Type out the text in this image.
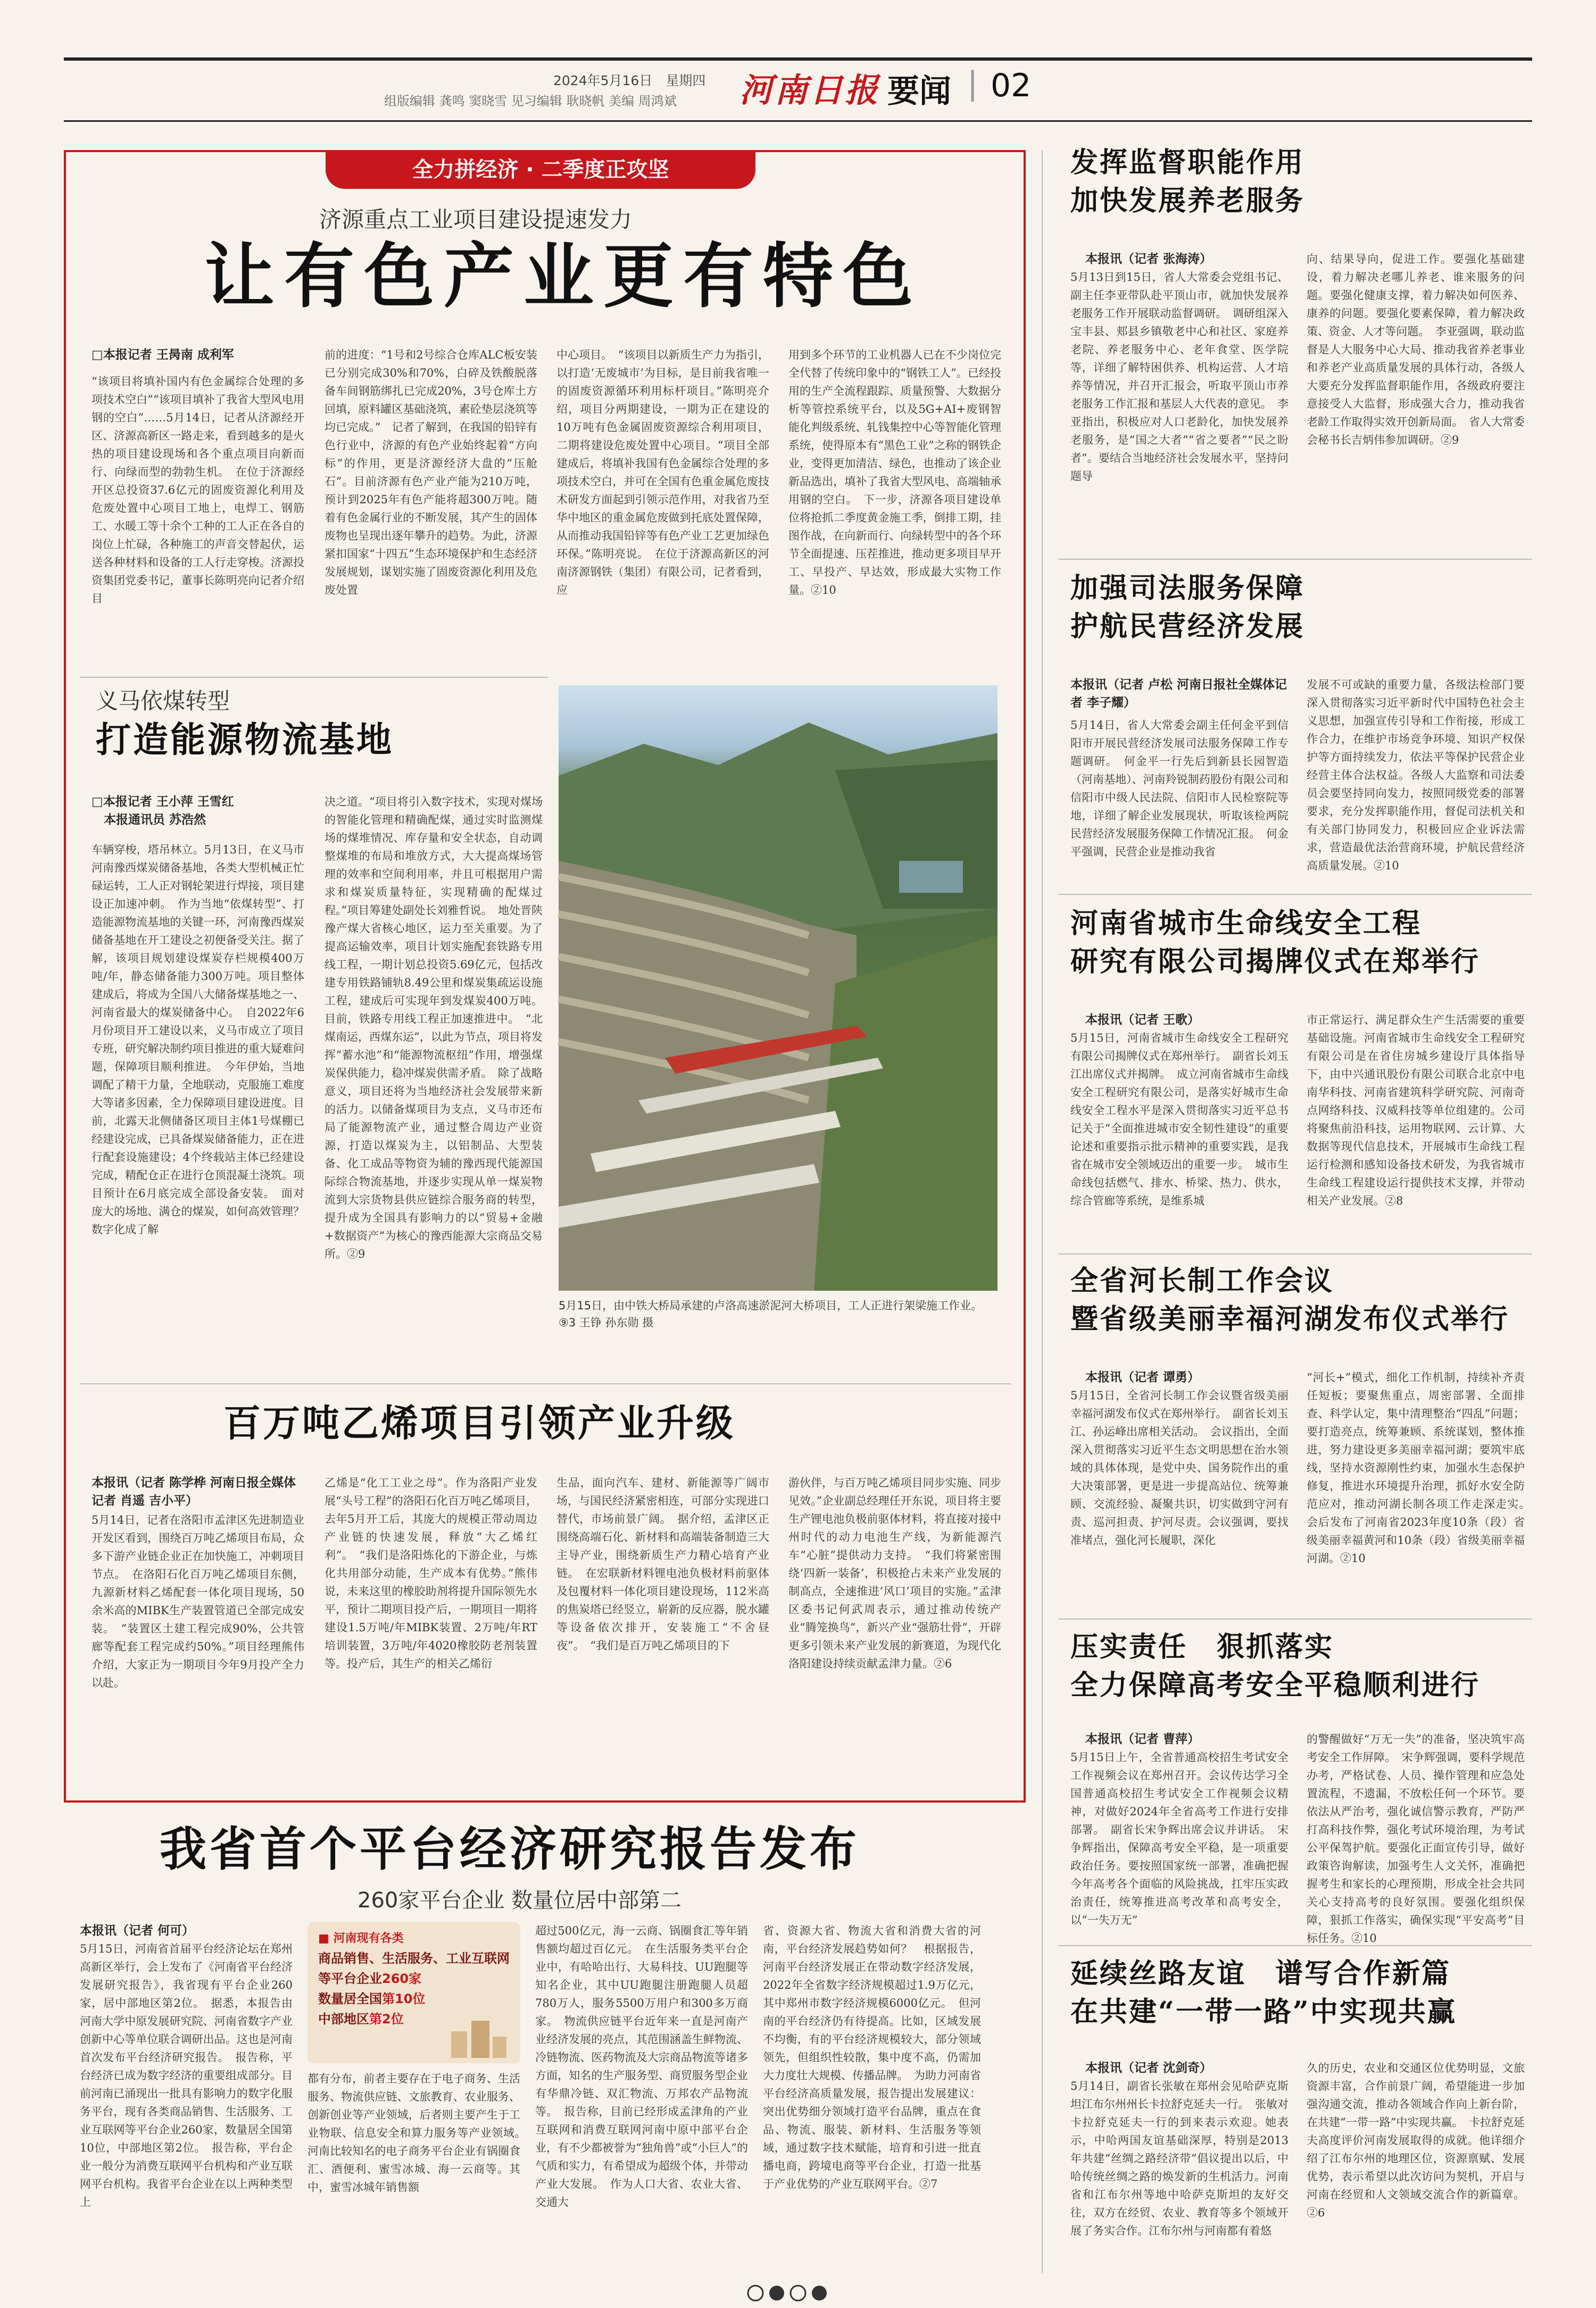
2024年5月16日　星期四
组版编辑 龚鸣 窦晓雪 见习编辑 耿晓帆 美编 周鸿斌 河南日报 要闻 | 02
全力拼经济 · 二季度正攻坚
济源重点工业项目建设提速发力
让有色产业更有特色
□本报记者 王昺南 成利军
“该项目将填补国内有色金属综合处理的多项技术空白”“该项目填补了我省大型风电用钢的空白”……5月14日，记者从济源经开区、济源高新区一路走来，看到越多的是火热的项目建设现场和各个重点项目向新而行、向绿而型的勃勃生机。　在位于济源经开区总投资37.6亿元的固废资源化利用及危废处置中心项目工地上，电焊工、钢筋工、水暖工等十余个工种的工人正在各自的岗位上忙碌，各种施工的声音交替起伏，运送各种材料和设备的工人行走穿梭。济源投资集团党委书记，董事长陈明亮向记者介绍目
前的进度：“1号和2号综合仓库ALC板安装已分别完成30%和70%，白碎及铁酸脱落备车间钢筋绑扎已完成20%，3号仓库土方回填，原料罐区基础浇筑，素砼垫层浇筑等均已完成。”　记者了解到，在我国的铅锌有色行业中，济源的有色产业始终起着“方向标”的作用，更是济源经济大盘的“压舱石”。目前济源有色产业产能为210万吨，预计到2025年有色产能将超300万吨。随着有色金属行业的不断发展，其产生的固体废物也呈现出逐年攀升的趋势。为此，济源紧扣国家“十四五”生态环境保护和生态经济发展规划，谋划实施了固废资源化利用及危废处置
中心项目。　“该项目以新质生产力为指引，以打造‘无废城市’为目标，是目前我省唯一的固废资源循环利用标杆项目。”陈明亮介绍，项目分两期建设，一期为正在建设的10万吨有色金属固废资源综合利用项目，二期将建设危废处置中心项目。“项目全部建成后，将填补我国有色金属综合处理的多项技术空白，并可在全国有色重金属危废技术研发方面起到引领示范作用，对我省乃至华中地区的重金属危废做到托底处置保障，从而推动我国铅锌等有色产业工艺更加绿色环保。”陈明亮说。　在位于济源高新区的河南济源钢铁（集团）有限公司，记者看到，应
用到多个环节的工业机器人已在不少岗位完全代替了传统印象中的“钢铁工人”。已经投用的生产全流程跟踪、质量预警、大数据分析等管控系统平台，以及5G+AI+废钢智能化判级系统、轧钱集控中心等智能化管理系统，使得原本有“黑色工业”之称的钢铁企业，变得更加清洁、绿色，也推动了该企业新品选出，填补了我省大型风电、高端轴承用钢的空白。　下一步，济源各项目建设单位将抢抓二季度黄金施工季，倒排工期，挂图作战，在向新而行、向绿转型中的各个环节全面提速、压茬推进，推动更多项目早开工、早投产、早达效，形成最大实物工作量。②10
义马依煤转型
打造能源物流基地
□本报记者 王小萍 王雪红
　本报通讯员 苏浩然
车辆穿梭，塔吊林立。5月13日，在义马市河南豫西煤炭储备基地，各类大型机械正忙碌运转，工人正对钢轮架进行焊接，项目建设正加速冲刺。　作为当地“依煤转型”、打造能源物流基地的关键一环，河南豫西煤炭储备基地在开工建设之初便备受关注。据了解，该项目规划建设煤炭存栏规模400万吨/年，静态储备能力300万吨。项目整体建成后，将成为全国八大储备煤基地之一、河南省最大的煤炭储备中心。　自2022年6月份项目开工建设以来，义马市成立了项目专班，研究解决制约项目推进的重大疑难问题，保障项目顺利推进。　今年伊始，当地调配了精干力量，全地联动，克服施工难度大等诸多因素，全力保障项目建设进度。目前，北露天北侧储备区项目主体1号煤棚已经建设完成，已具备煤炭储备能力，正在进行配套设施建设；4个终载站主体已经建设完成，精配仓正在进行仓顶混凝土浇筑。项目预计在6月底完成全部设备安装。　面对庞大的场地、满仓的煤炭，如何高效管理？数字化成了解
决之道。“项目将引入数字技术，实现对煤场的智能化管理和精确配煤，通过实时监测煤场的煤堆情况、库存量和安全状态，自动调整煤堆的布局和堆放方式，大大提高煤场管理的效率和空间利用率，并且可根据用户需求和煤炭质量特征，实现精确的配煤过程。”项目筹建处副处长刘雅哲说。　地处晋陕豫产煤大省核心地区，运力至关重要。为了提高运输效率，项目计划实施配套铁路专用线工程，一期计划总投资5.69亿元，包括改建专用铁路铺轨8.49公里和煤炭集疏运设施工程，建成后可实现年到发煤炭400万吨。目前，铁路专用线工程正加速推进中。　“北煤南运，西煤东运”，以此为节点，项目将发挥“蓄水池”和“能源物流枢纽”作用，增强煤炭保供能力，稳冲煤炭供需矛盾。　除了战略意义，项目还将为当地经济社会发展带来新的活力。以储备煤项目为支点，义马市还布局了能源物流产业，通过整合周边产业资源，打造以煤炭为主，以铝制品、大型装备、化工成品等物资为辅的豫西现代能源国际综合物流基地，并逐步实现从单一煤炭物流到大宗货物县供应链综合服务商的转型，提升成为全国具有影响力的以“贸易+金融+数据资产”为核心的豫西能源大宗商品交易所。②9
5月15日，由中铁大桥局承建的卢洛高速淤泥河大桥项目，工人正进行架梁施工作业。⑨3 王铮 孙东勋 摄
百万吨乙烯项目引领产业升级
本报讯（记者 陈学桦 河南日报全媒体记者 肖遥 吉小平）
5月14日，记者在洛阳市孟津区先进制造业开发区看到，围绕百万吨乙烯项目布局，众多下游产业链企业正在加快施工，冲刺项目节点。　在洛阳石化百万吨乙烯项目东侧，九源新材料乙烯配套一体化项目现场，50余米高的MIBK生产装置管道已全部完成安装。　“装置区土建工程完成90%，公共管廊等配套工程完成约50%。”项目经理熊伟介绍，大家正为一期项目今年9月投产全力以赴。
乙烯是“化工工业之母”。作为洛阳产业发展“头号工程”的洛阳石化百万吨乙烯项目，去年5月开工后，其庞大的规模正带动周边产业链的快速发展，释放“大乙烯红利”。　“我们是洛阳炼化的下游企业，与炼化共用部分动能，生产成本有优势。”熊伟说，未来这里的橡胶助剂将提升国际领先水平，预计二期项目投产后，一期项目一期将建设1.5万吨/年MIBK装置、2万吨/年RT培训装置，3万吨/年4020橡胶防老剂装置等。投产后，其生产的相关乙烯衍
生品，面向汽车、建材、新能源等广阔市场，与国民经济紧密相连，可部分实现进口替代，市场前景广阔。　据介绍，孟津区正围绕高端石化、新材料和高端装备制造三大主导产业，围绕新质生产力精心培育产业链。　在宏联新材料锂电池负极材料前驱体及包覆材料一体化项目建设现场，112米高的焦炭塔已经竖立，崭新的反应器，脱水罐等设备依次排开，安装施工“不舍昼夜”。　“我们是百万吨乙烯项目的下
游伙伴，与百万吨乙烯项目同步实施、同步见效。”企业副总经理任开东说，项目将主要生产锂电池负极前驱体材料，将直接对接中州时代的动力电池生产线，为新能源汽车“心脏”提供动力支持。　“我们将紧密围绕‘四新一装备’，积极抢占未来产业发展的制高点，全速推进‘风口’项目的实施。”孟津区委书记何武周表示，通过推动传统产业“腾笼换鸟”，新兴产业“强筋壮骨”，开辟更多引领未来产业发展的新赛道，为现代化洛阳建设持续贡献孟津力量。②6
我省首个平台经济研究报告发布
260家平台企业 数量位居中部第二
本报讯（记者 何可）
5月15日，河南省首届平台经济论坛在郑州高新区举行，会上发布了《河南省平台经济发展研究报告》，我省现有平台企业260家，居中部地区第2位。　据悉，本报告由河南大学中原发展研究院、河南省数字产业创新中心等单位联合调研出品。这也是河南首次发布平台经济研究报告。　报告称，平台经济已成为数字经济的重要组成部分。目前河南已涌现出一批具有影响力的数字化服务平台，现有各类商品销售、生活服务、工业互联网等平台企业260家，数量居全国第10位，中部地区第2位。　报告称，平台企业一般分为消费互联网平台机构和产业互联网平台机构。我省平台企业在以上两种类型上
■ 河南现有各类
商品销售、生活服务、工业互联网
等平台企业260家
数量居全国第10位
中部地区第2位
都有分布，前者主要存在于电子商务、生活服务、物流供应链、文旅教育、农业服务、创新创业等产业领域，后者则主要产生于工业物联、信息安全和算力服务等产业领域。　河南比较知名的电子商务平台企业有锅圈食汇、酒便利、蜜雪冰城、海一云商等。其中，蜜雪冰城年销售额
超过500亿元，海一云商、锅圈食汇等年销售额均超过百亿元。　在生活服务类平台企业中，有哈哈出行、大易科技、UU跑腿等知名企业，其中UU跑腿注册跑腿人员超780万人，服务5500万用户和300多万商家。　物流供应链平台近年来一直是河南产业经济发展的亮点，其范围涵盖生鲜物流、冷链物流、医药物流及大宗商品物流等诸多方面，知名的生产服务型、商贸服务型企业有华鼎冷链、双汇物流、万邦农产品物流等。　报告称，目前已经形成孟津角的产业互联网和消费互联网河南中原中部平台企业，有不少都被誉为“独角兽”或“小巨人”的气质和实力，有希望成为超级个体，并带动产业大发展。　作为人口大省、农业大省、交通大
省、资源大省、物流大省和消费大省的河南，平台经济发展趋势如何？　根据报告，河南平台经济发展正在带动数字经济发展，2022年全省数字经济规模超过1.9万亿元，其中郑州市数字经济规模6000亿元。　但河南的平台经济仍有待提高。比如，区域发展不均衡，有的平台经济规模较大，部分领域领先，但组织性较散，集中度不高，仍需加大力度壮大规模、传播品牌。　为助力河南省平台经济高质量发展，报告提出发展建议：突出优势细分领域打造平台品牌，重点在食品、物流、服装、新材料、生活服务等领域，通过数字技术赋能，培育和引进一批直播电商，跨境电商等平台企业，打造一批基于产业优势的产业互联网平台。②7
发挥监督职能作用
加快发展养老服务
本报讯（记者 张海涛）
5月13日到15日，省人大常委会党组书记、副主任李亚带队赴平顶山市，就加快发展养老服务工作开展联动监督调研。　调研组深入宝丰县、郏县乡镇敬老中心和社区、家庭养老院、养老服务中心、老年食堂、医学院等，详细了解特困供养、机构运营、人才培养等情况，并召开汇报会，听取平顶山市养老服务工作汇报和基层人大代表的意见。　李亚指出，积极应对人口老龄化，加快发展养老服务，是“国之大者”“省之要者”“民之盼者”。要结合当地经济社会发展水平，坚持问题导
向、结果导向，促进工作。要强化基础建设，着力解决老哪儿养老、谁来服务的问题。要强化健康支撑，着力解决如何医养、康养的问题。要强化要素保障，着力解决政策、资金、人才等问题。　李亚强调，联动监督是人大服务中心大局、推动我省养老事业和养老产业高质量发展的具体行动，各级人大要充分发挥监督职能作用，各级政府要注意接受人大监督，形成强大合力，推动我省老龄工作取得实效开创新局面。　省人大常委会秘书长吉炳伟参加调研。②9
加强司法服务保障
护航民营经济发展
本报讯（记者 卢松 河南日报社全媒体记者 李子耀）
5月14日，省人大常委会副主任何金平到信阳市开展民营经济发展司法服务保障工作专题调研。　何金平一行先后到新县长园智造（河南基地）、河南羚锐制药股份有限公司和信阳市中级人民法院、信阳市人民检察院等地，详细了解企业发展现状，听取该检两院民营经济发展服务保障工作情况汇报。　何金平强调，民营企业是推动我省
发展不可或缺的重要力量，各级法检部门要深入贯彻落实习近平新时代中国特色社会主义思想，加强宣传引导和工作衔接，形成工作合力，在维护市场竞争环境、知识产权保护等方面持续发力，依法平等保护民营企业经营主体合法权益。各级人大监察和司法委员会要坚持同向发力，按照同级党委的部署要求，充分发挥职能作用，督促司法机关和有关部门协同发力，积极回应企业诉法需求，营造最优法治营商环境，护航民营经济高质量发展。②10
河南省城市生命线安全工程
研究有限公司揭牌仪式在郑举行
本报讯（记者 王歌）
5月15日，河南省城市生命线安全工程研究有限公司揭牌仪式在郑州举行。　副省长刘玉江出席仪式并揭牌。　成立河南省城市生命线安全工程研究有限公司，是落实好城市生命线安全工程水平是深入贯彻落实习近平总书记关于“全面推进城市安全韧性建设”的重要论述和重要指示批示精神的重要实践，是我省在城市安全领域迈出的重要一步。　城市生命线包括燃气、排水、桥梁、热力、供水，综合管廊等系统，是维系城
市正常运行、满足群众生产生活需要的重要基础设施。河南省城市生命线安全工程研究有限公司是在省住房城乡建设厅具体指导下，由中兴通讯股份有限公司联合北京中电南华科技、河南省建筑科学研究院、河南奇点网络科技、汉威科技等单位组建的。公司将聚焦前沿科技，运用物联网、云计算、大数据等现代信息技术，开展城市生命线工程运行检测和感知设备技术研发，为我省城市生命线工程建设运行提供技术支撑，并带动相关产业发展。②8
全省河长制工作会议
暨省级美丽幸福河湖发布仪式举行
本报讯（记者 谭勇）
5月15日，全省河长制工作会议暨省级美丽幸福河湖发布仪式在郑州举行。　副省长刘玉江、孙运峰出席相关活动。　会议指出，全面深入贯彻落实习近平生态文明思想在治水领域的具体体现，是党中央、国务院作出的重大决策部署，更是进一步提高站位、统筹兼顾、交流经验、凝聚共识，切实做到守河有责、巡河担责、护河尽责。会议强调，要找准堵点，强化河长履职，深化
“河长+”模式，细化工作机制，持续补齐责任短板；要聚焦重点，周密部署、全面排查、科学认定，集中清理整治“四乱”问题；要打造亮点，统筹兼顾、系统谋划，整体推进，努力建设更多美丽幸福河湖；要筑牢底线，坚持水资源刚性约束，加强水生态保护修复，推进水环境提升治理，抓好水安全防范应对，推动河湖长制各项工作走深走实。　会后发布了河南省2023年度10条（段）省级美丽幸福黄河和10条（段）省级美丽幸福河湖。②10
压实责任　狠抓落实
全力保障高考安全平稳顺利进行
本报讯（记者 曹萍）
5月15日上午，全省普通高校招生考试安全工作视频会议在郑州召开。会议传达学习全国普通高校招生考试安全工作视频会议精神，对做好2024年全省高考工作进行安排部署。　副省长宋争辉出席会议并讲话。　宋争辉指出，保障高考安全平稳，是一项重要政治任务。要按照国家统一部署，准确把握今年高考各个面临的风险挑战，扛牢压实政治责任，统筹推进高考改革和高考安全，以“一失万无”
的警醒做好“万无一失”的准备，坚决筑牢高考安全工作屏障。　宋争辉强调，要科学规范办考，严格试卷、人员、操作管理和应急处置流程，不遗漏，不放松任何一个环节。要依法从严治考，强化诚信警示教育，严防严打高科技作弊，强化考试环境治理，为考试公平保驾护航。要强化正面宣传引导，做好政策咨询解读，加强考生人文关怀，准确把握考生和家长的心理预期，形成全社会共同关心支持高考的良好氛围。要强化组织保障，狠抓工作落实，确保实现“平安高考”目标任务。②10
延续丝路友谊　谱写合作新篇
在共建“一带一路”中实现共赢
本报讯（记者 沈剑奇）
5月14日，副省长张敏在郑州会见哈萨克斯坦江布尔州州长卡拉舒克延夫一行。　张敏对卡拉舒克延夫一行的到来表示欢迎。她表示，中哈两国友谊基础深厚，特别是2013年共建“丝绸之路经济带”倡议提出以后，中哈传统丝绸之路的焕发新的生机活力。河南省和江布尔州等地中哈萨克斯坦的友好交往，双方在经贸、农业、教育等多个领域开展了务实合作。江布尔州与河南都有着悠
久的历史，农业和交通区位优势明显，文旅资源丰富，合作前景广阔，希望能进一步加强沟通交流，推动各领域合作向上新台阶，在共建“一带一路”中实现共赢。　卡拉舒克延夫高度评价河南发展取得的成就。他详细介绍了江布尔州的地理区位，资源禀赋、发展优势，表示希望以此次访问为契机，开启与河南在经贸和人文领域交流合作的新篇章。②6
